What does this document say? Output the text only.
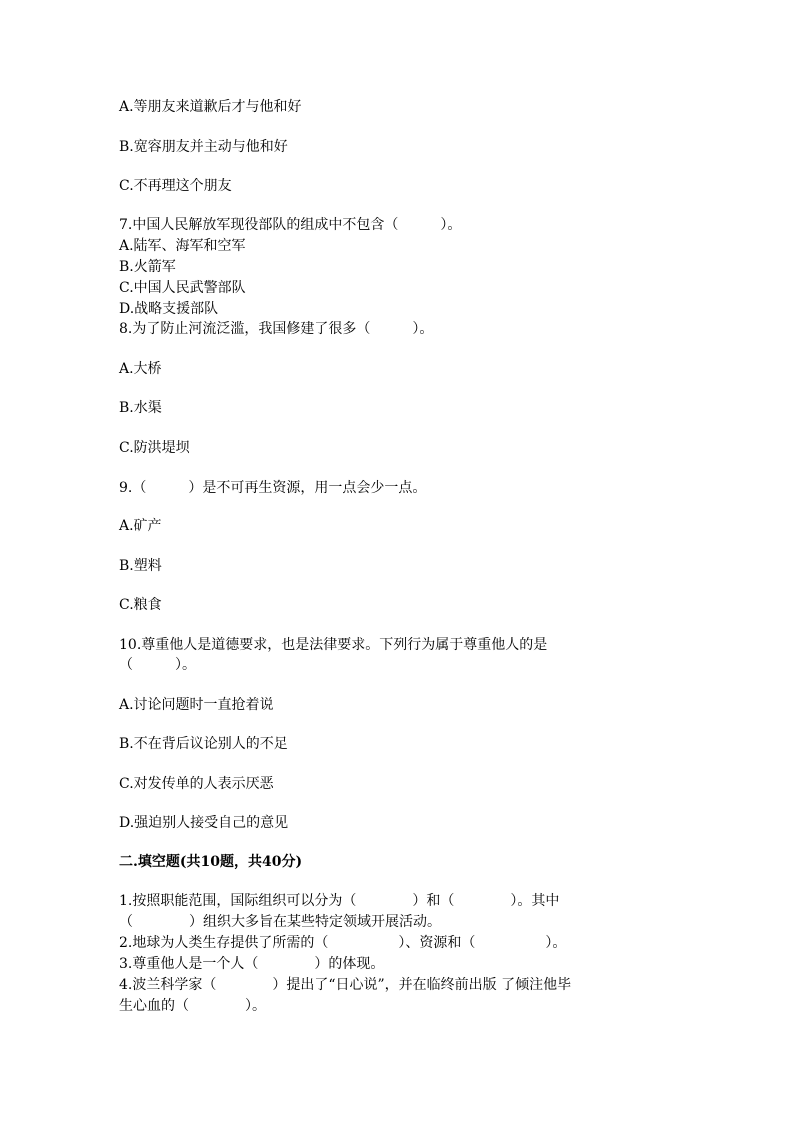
A.等朋友来道歉后才与他和好
B.宽容朋友并主动与他和好
C.不再理这个朋友
7.中国人民解放军现役部队的组成中不包含（　　　）。
A.陆军、海军和空军
B.火箭军
C.中国人民武警部队
D.战略支援部队
8.为了防止河流泛滥，我国修建了很多（　　　）。
A.大桥
B.水渠
C.防洪堤坝
9.（　　　）是不可再生资源，用一点会少一点。
A.矿产
B.塑料
C.粮食
10.尊重他人是道德要求，也是法律要求。下列行为属于尊重他人的是
（　　　）。
A.讨论问题时一直抢着说
B.不在背后议论别人的不足
C.对发传单的人表示厌恶
D.强迫别人接受自己的意见
二.填空题(共10题，共40分)
1.按照职能范围，国际组织可以分为（　　　　）和（　　　　）。其中
（　　　　）组织大多旨在某些特定领域开展活动。
2.地球为人类生存提供了所需的（　　　　　）、资源和（　　　　　）。
3.尊重他人是一个人（　　　　）的体现。
4.波兰科学家（　　　　）提出了“日心说”，并在临终前出版 了倾注他毕
生心血的（　　　　）。
